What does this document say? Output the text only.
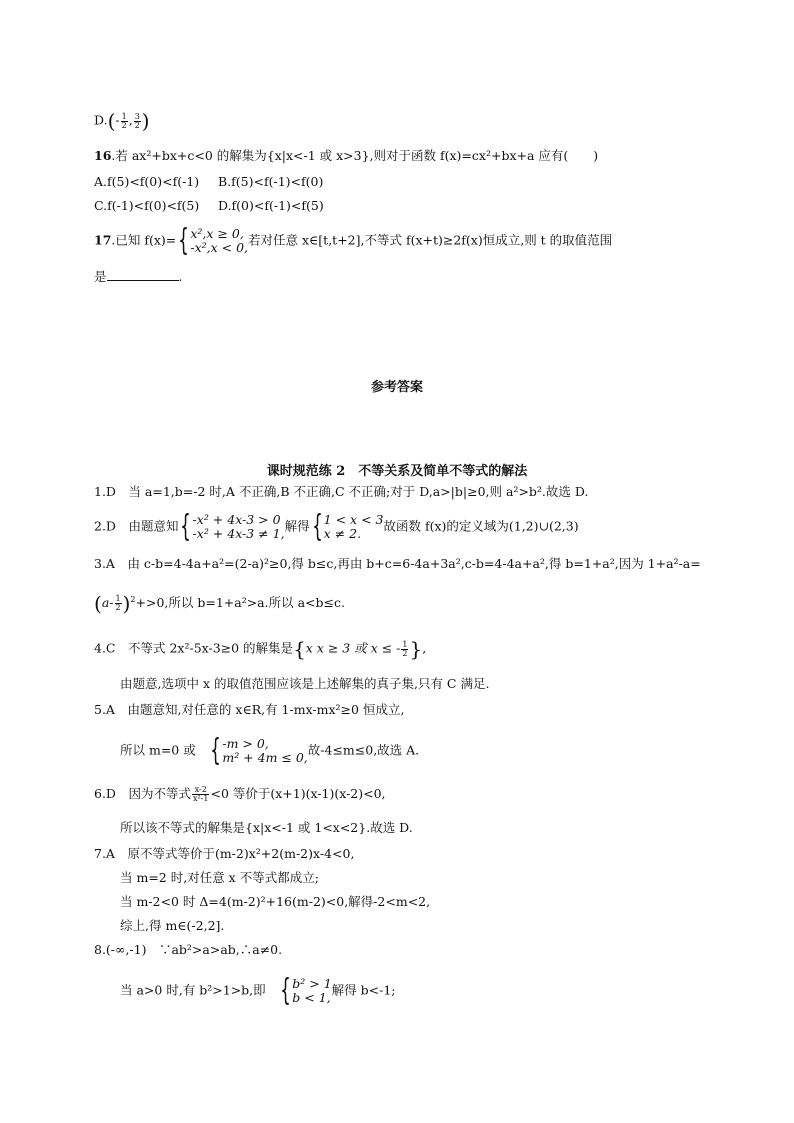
$D.(- \frac{1}{2}$ , $\frac{3}{2}$ )
16.若 ax²+bx+c<0 的解集为{x|x<-1 或 x>3},则对于函数 f(x)=cx²+bx+a 应有(　　)
A.f(5)<f(0)<f(-1) B.f(5)<f(-1)<f(0)
C.f(-1)<f(0)<f(5) D.f(0)<f(-1)<f(5)
17.已知 f(x)={ x²,x ≥ 0,
-x²,x < 0, 若对任意 x∈[t,t+2],不等式 f(x+t)≥2f(x)恒成立,则 t 的取值范围
是	.
参考答案
课时规范练 2　不等关系及简单不等式的解法
1.D　当 a=1,b=-2 时,A 不正确,B 不正确,C 不正确;对于 D,a>|b|≥0,则 a²>b².故选 D.
2.D　由题意知{ -x² + 4x-3 > 0
-x² + 4x-3 ≠ 1, 解得{ 1 < x < 3
x ≠ 2.	故函数 f(x)的定义域为(1,2)∪(2,3)
3.A　由 c-b=4-4a+a²=(2-a)²≥0,得 b≤c,再由 b+c=6-4a+3a²,c-b=4-4a+a²,得 b=1+a²,因为 1+a²-a=
$(a- \frac{1}{2} )^2+>0$,所以 b=1+a²>a.所以 a<b≤c.
4.C　不等式 2x²-5x-3≥0 的解集是{x x ≥ 3 或 x ≤ - $\frac{1}{2}$ },
由题意,选项中 x 的取值范围应该是上述解集的真子集,只有 C 满足.
5.A　由题意知,对任意的 x∈R,有 1-mx-mx²≥0 恒成立,
所以 m=0 或　 { -m > 0,
m² + 4m ≤ 0, 故-4≤m≤0,故选 A.
6.D　因为不等式 $\frac{x-2}{\text{x²-1}} <0$ 等价于(x+1)(x-1)(x-2)<0,
所以该不等式的解集是{x|x<-1 或 1<x<2}.故选 D.
7.A　原不等式等价于(m-2)x²+2(m-2)x-4<0,
当 m=2 时,对任意 x 不等式都成立;
当 m-2<0 时 Δ=4(m-2)²+16(m-2)<0,解得-2<m<2,
综上,得 m∈(-2,2].
8.(-∞,-1)　∵ab²>a>ab,∴a≠0.
当 a>0 时,有 b²>1>b,即　 { b² > 1
b < 1, 解得 b<-1;
